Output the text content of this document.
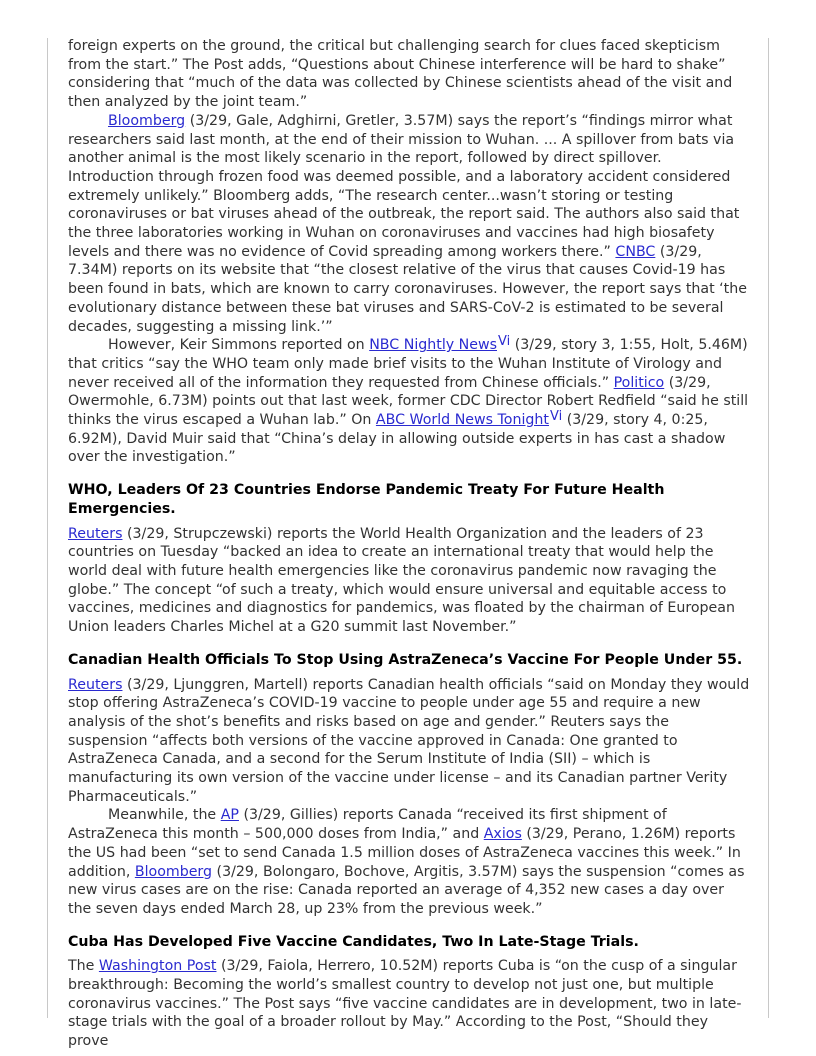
foreign experts on the ground, the critical but challenging search for clues faced skepticism from the start.” The Post adds, “Questions about Chinese interference will be hard to shake” considering that “much of the data was collected by Chinese scientists ahead of the visit and then analyzed by the joint team.”

Bloomberg (3/29, Gale, Adghirni, Gretler, 3.57M) says the report’s “findings mirror what researchers said last month, at the end of their mission to Wuhan. ... A spillover from bats via another animal is the most likely scenario in the report, followed by direct spillover. Introduction through frozen food was deemed possible, and a laboratory accident considered extremely unlikely.” Bloomberg adds, “The research center...wasn’t storing or testing coronaviruses or bat viruses ahead of the outbreak, the report said. The authors also said that the three laboratories working in Wuhan on coronaviruses and vaccines had high biosafety levels and there was no evidence of Covid spreading among workers there.” CNBC (3/29, 7.34M) reports on its website that “the closest relative of the virus that causes Covid-19 has been found in bats, which are known to carry coronaviruses. However, the report says that ‘the evolutionary distance between these bat viruses and SARS-CoV-2 is estimated to be several decades, suggesting a missing link.’”

However, Keir Simmons reported on NBC Nightly News$^{Vi}$ (3/29, story 3, 1:55, Holt, 5.46M) that critics “say the WHO team only made brief visits to the Wuhan Institute of Virology and never received all of the information they requested from Chinese officials.” Politico (3/29, Owermohle, 6.73M) points out that last week, former CDC Director Robert Redfield “said he still thinks the virus escaped a Wuhan lab.” On ABC World News Tonight$^{Vi}$ (3/29, story 4, 0:25, 6.92M), David Muir said that “China’s delay in allowing outside experts in has cast a shadow over the investigation.”

WHO, Leaders Of 23 Countries Endorse Pandemic Treaty For Future Health Emergencies.

Reuters (3/29, Strupczewski) reports the World Health Organization and the leaders of 23 countries on Tuesday “backed an idea to create an international treaty that would help the world deal with future health emergencies like the coronavirus pandemic now ravaging the globe.” The concept “of such a treaty, which would ensure universal and equitable access to vaccines, medicines and diagnostics for pandemics, was floated by the chairman of European Union leaders Charles Michel at a G20 summit last November.”

Canadian Health Officials To Stop Using AstraZeneca’s Vaccine For People Under 55.

Reuters (3/29, Ljunggren, Martell) reports Canadian health officials “said on Monday they would stop offering AstraZeneca’s COVID-19 vaccine to people under age 55 and require a new analysis of the shot’s benefits and risks based on age and gender.” Reuters says the suspension “affects both versions of the vaccine approved in Canada: One granted to AstraZeneca Canada, and a second for the Serum Institute of India (SII) – which is manufacturing its own version of the vaccine under license – and its Canadian partner Verity Pharmaceuticals.”

Meanwhile, the AP (3/29, Gillies) reports Canada “received its first shipment of AstraZeneca this month – 500,000 doses from India,” and Axios (3/29, Perano, 1.26M) reports the US had been “set to send Canada 1.5 million doses of AstraZeneca vaccines this week.” In addition, Bloomberg (3/29, Bolongaro, Bochove, Argitis, 3.57M) says the suspension “comes as new virus cases are on the rise: Canada reported an average of 4,352 new cases a day over the seven days ended March 28, up 23% from the previous week.”

Cuba Has Developed Five Vaccine Candidates, Two In Late-Stage Trials.

The Washington Post (3/29, Faiola, Herrero, 10.52M) reports Cuba is “on the cusp of a singular breakthrough: Becoming the world’s smallest country to develop not just one, but multiple coronavirus vaccines.” The Post says “five vaccine candidates are in development, two in late-stage trials with the goal of a broader rollout by May.” According to the Post, “Should they prove
